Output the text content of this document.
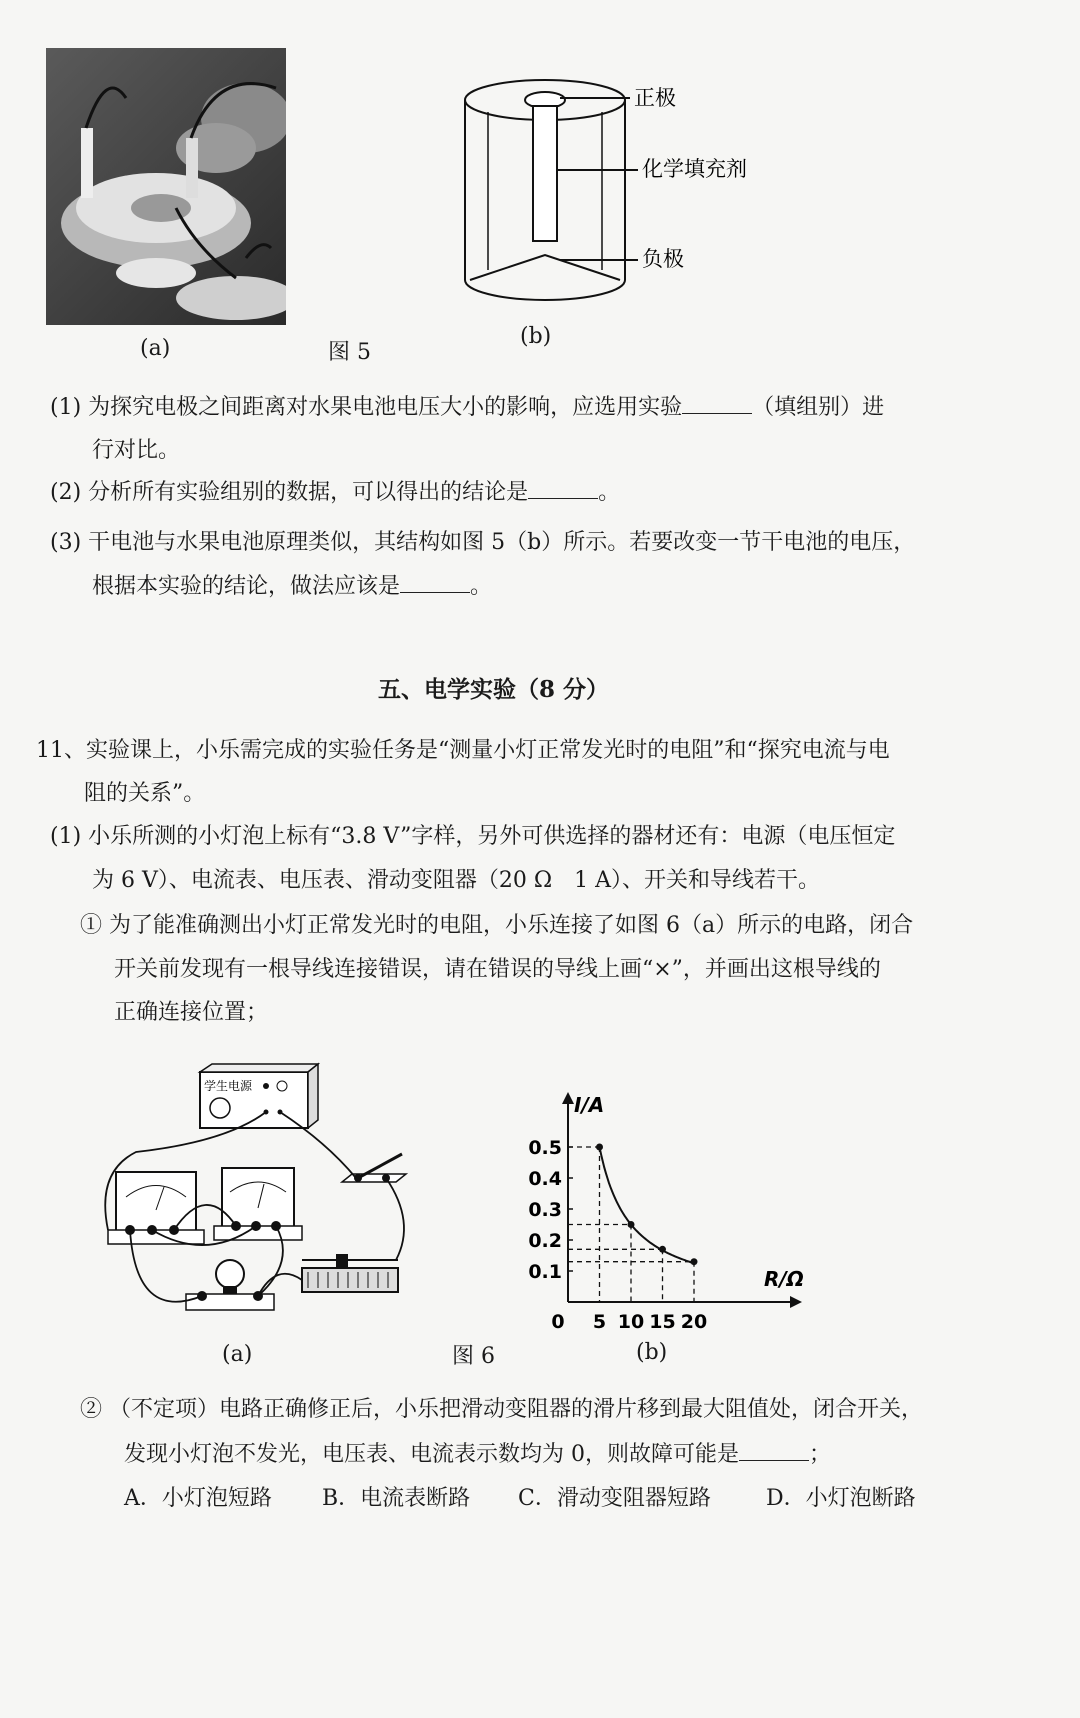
(a)	图 5
(b)
正极
化学填充剂
负极
(1) 为探究电极之间距离对水果电池电压大小的影响，应选用实验	（填组别）进
行对比。
(2) 分析所有实验组别的数据，可以得出的结论是	。
(3) 干电池与水果电池原理类似，其结构如图 5（b）所示。若要改变一节干电池的电压，
根据本实验的结论，做法应该是	。
五、电学实验（8 分）
11、实验课上，小乐需完成的实验任务是“测量小灯正常发光时的电阻”和“探究电流与电
阻的关系”。
(1) 小乐所测的小灯泡上标有“3.8 V”字样，另外可供选择的器材还有：电源（电压恒定
为 6 V）、电流表、电压表、滑动变阻器（20 Ω　1 A）、开关和导线若干。
① 为了能准确测出小灯正常发光时的电阻，小乐连接了如图 6（a）所示的电路，闭合
开关前发现有一根导线连接错误，请在错误的导线上画“×”，并画出这根导线的
正确连接位置；
学生电源
(a)	图 6	(b)
I/A
R/Ω
0 5 10 15 20
0.1
0.2
0.3
0.4
0.5
② （不定项）电路正确修正后，小乐把滑动变阻器的滑片移到最大阻值处，闭合开关，
发现小灯泡不发光，电压表、电流表示数均为 0，则故障可能是	；
A．小灯泡短路 B．电流表断路 C．滑动变阻器短路	D．小灯泡断路
